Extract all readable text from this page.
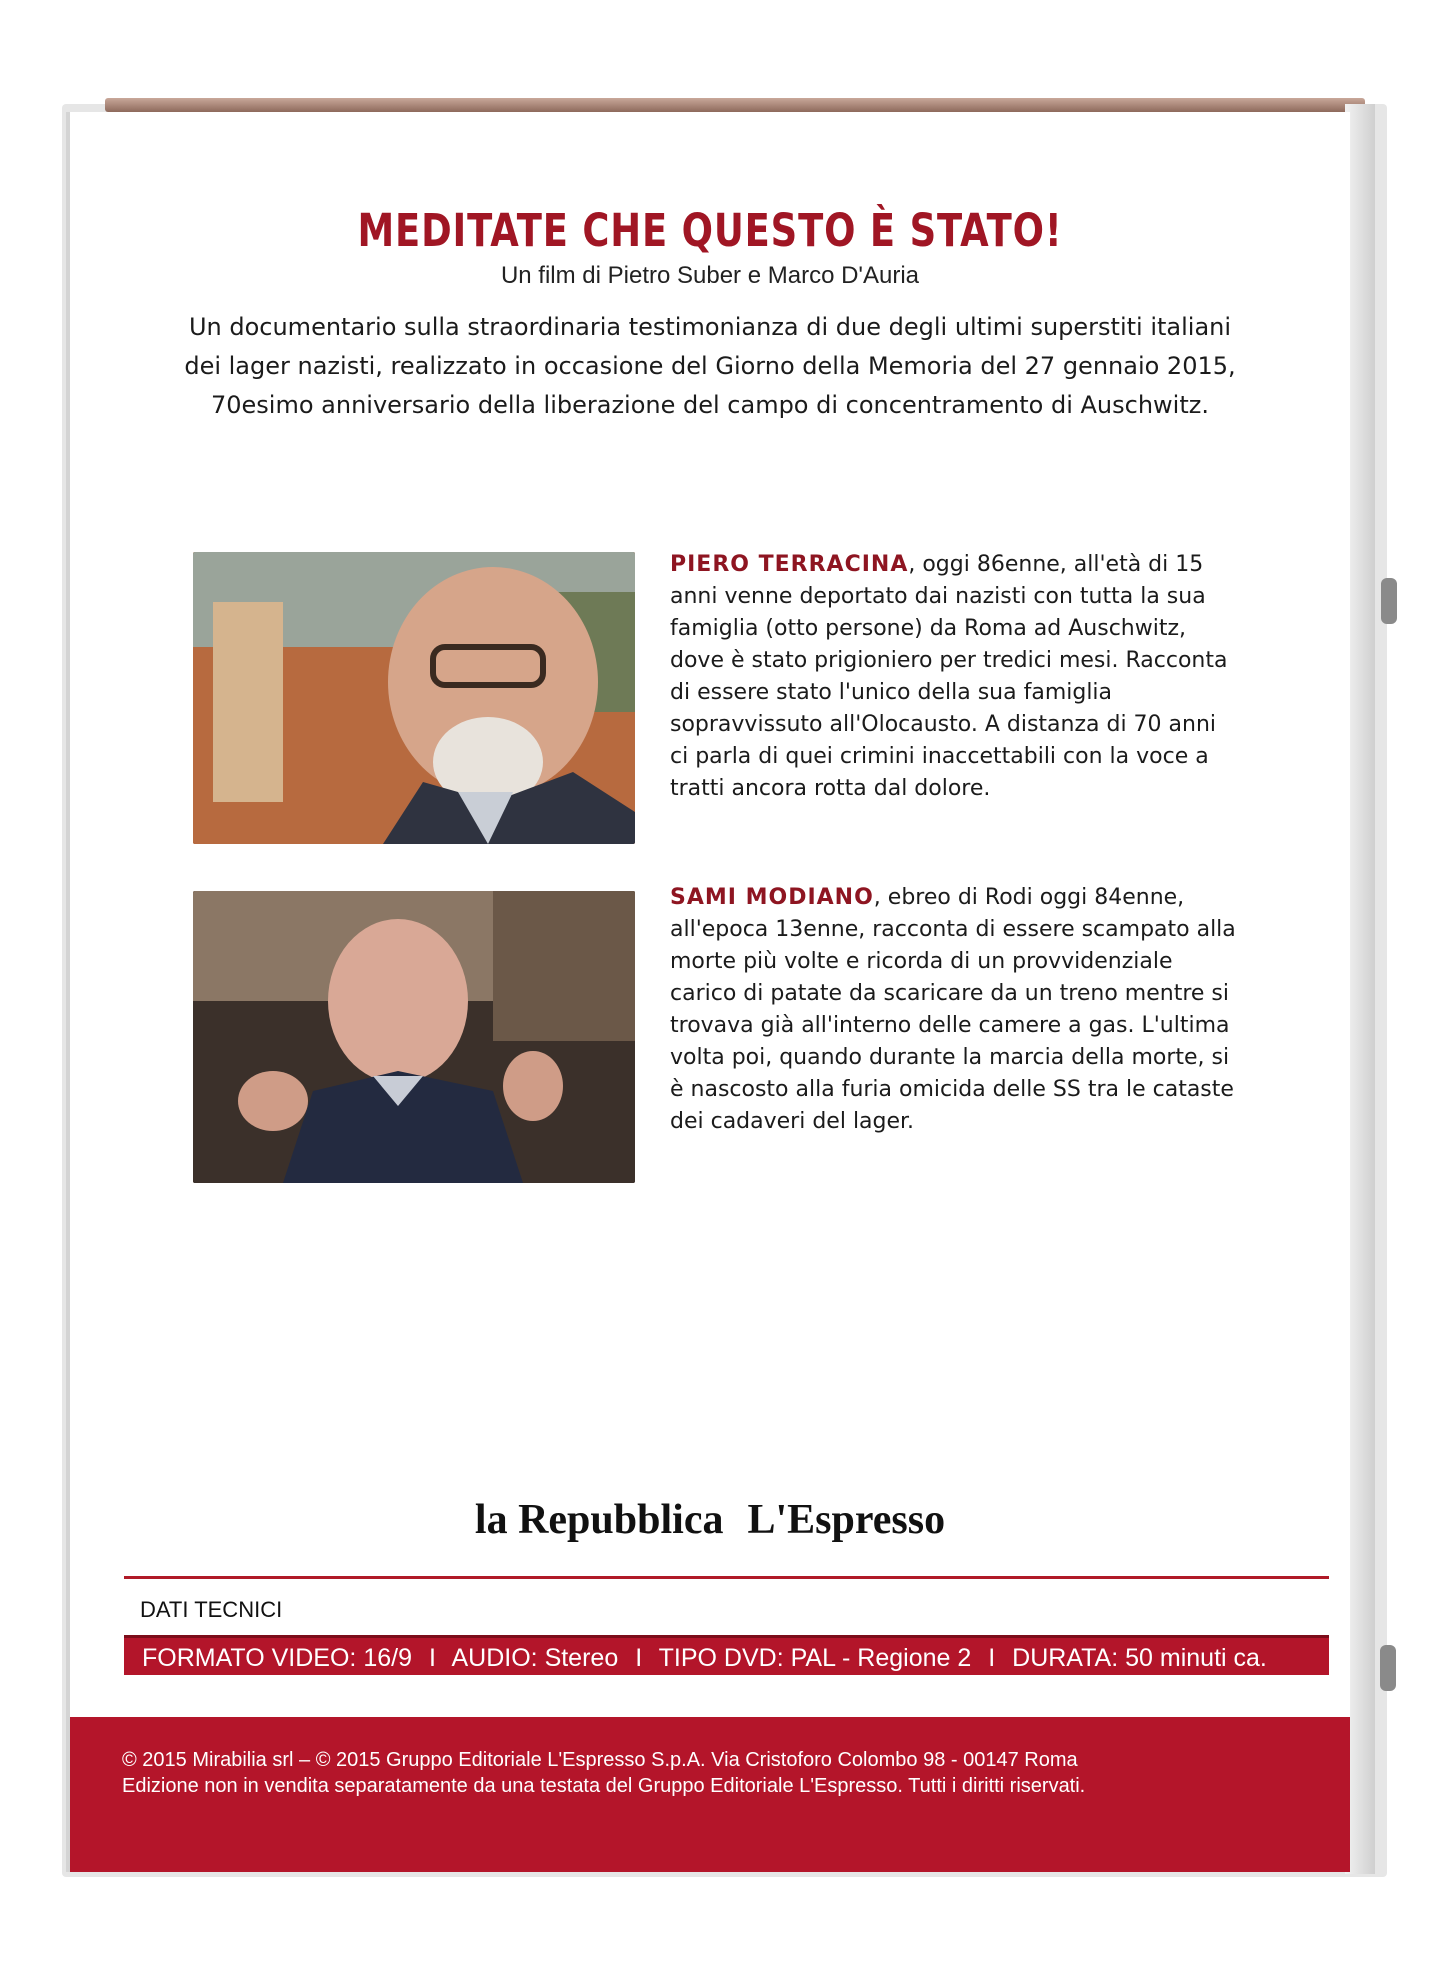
MEDITATE CHE QUESTO È STATO!
Un film di Pietro Suber e Marco D'Auria
Un documentario sulla straordinaria testimonianza di due degli ultimi superstiti italiani dei lager nazisti, realizzato in occasione del Giorno della Memoria del 27 gennaio 2015, 70esimo anniversario della liberazione del campo di concentramento di Auschwitz.
PIERO TERRACINA, oggi 86enne, all'età di 15 anni venne deportato dai nazisti con tutta la sua famiglia (otto persone) da Roma ad Auschwitz, dove è stato prigioniero per tredici mesi. Racconta di essere stato l'unico della sua famiglia sopravvissuto all'Olocausto. A distanza di 70 anni ci parla di quei crimini inaccettabili con la voce a tratti ancora rotta dal dolore.
SAMI MODIANO, ebreo di Rodi oggi 84enne, all'epoca 13enne, racconta di essere scampato alla morte più volte e ricorda di un provvidenziale carico di patate da scaricare da un treno mentre si trovava già all'interno delle camere a gas. L'ultima volta poi, quando durante la marcia della morte, si è nascosto alla furia omicida delle SS tra le cataste dei cadaveri del lager.
la Repubblica L'Espresso
DATI TECNICI
FORMATO VIDEO: 16/9 I AUDIO: Stereo I TIPO DVD: PAL - Regione 2 I DURATA: 50 minuti ca.
© 2015 Mirabilia srl – © 2015 Gruppo Editoriale L'Espresso S.p.A. Via Cristoforo Colombo 98 - 00147 Roma
Edizione non in vendita separatamente da una testata del Gruppo Editoriale L'Espresso. Tutti i diritti riservati.
